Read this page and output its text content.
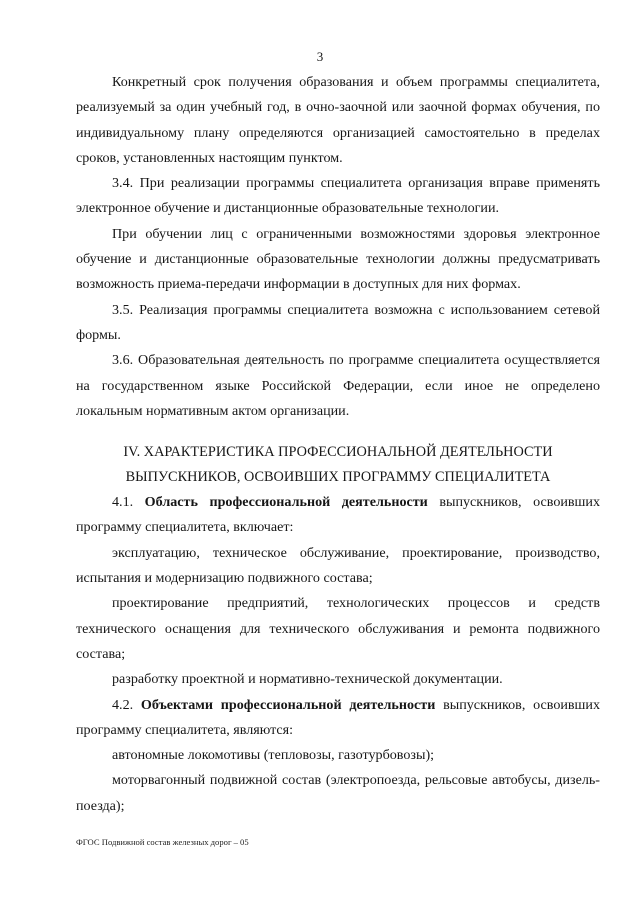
3

Конкретный срок получения образования и объем программы специалитета, реализуемый за один учебный год, в очно-заочной или заочной формах обучения, по индивидуальному плану определяются организацией самостоятельно в пределах сроков, установленных настоящим пунктом.

3.4. При реализации программы специалитета организация вправе применять электронное обучение и дистанционные образовательные технологии.

При обучении лиц с ограниченными возможностями здоровья электронное обучение и дистанционные образовательные технологии должны предусматривать возможность приема-передачи информации в доступных для них формах.

3.5. Реализация программы специалитета возможна с использованием сетевой формы.

3.6. Образовательная деятельность по программе специалитета осуществляется на государственном языке Российской Федерации, если иное не определено локальным нормативным актом организации.

IV. ХАРАКТЕРИСТИКА ПРОФЕССИОНАЛЬНОЙ ДЕЯТЕЛЬНОСТИ
ВЫПУСКНИКОВ, ОСВОИВШИХ ПРОГРАММУ СПЕЦИАЛИТЕТА

4.1. Область профессиональной деятельности выпускников, освоивших программу специалитета, включает:

эксплуатацию, техническое обслуживание, проектирование, производство, испытания и модернизацию подвижного состава;

проектирование предприятий, технологических процессов и средств технического оснащения для технического обслуживания и ремонта подвижного состава;

разработку проектной и нормативно-технической документации.

4.2. Объектами профессиональной деятельности выпускников, освоивших программу специалитета, являются:

автономные локомотивы (тепловозы, газотурбовозы);

моторвагонный подвижной состав (электропоезда, рельсовые автобусы, дизель-поезда);

ФГОС Подвижной состав железных дорог – 05
